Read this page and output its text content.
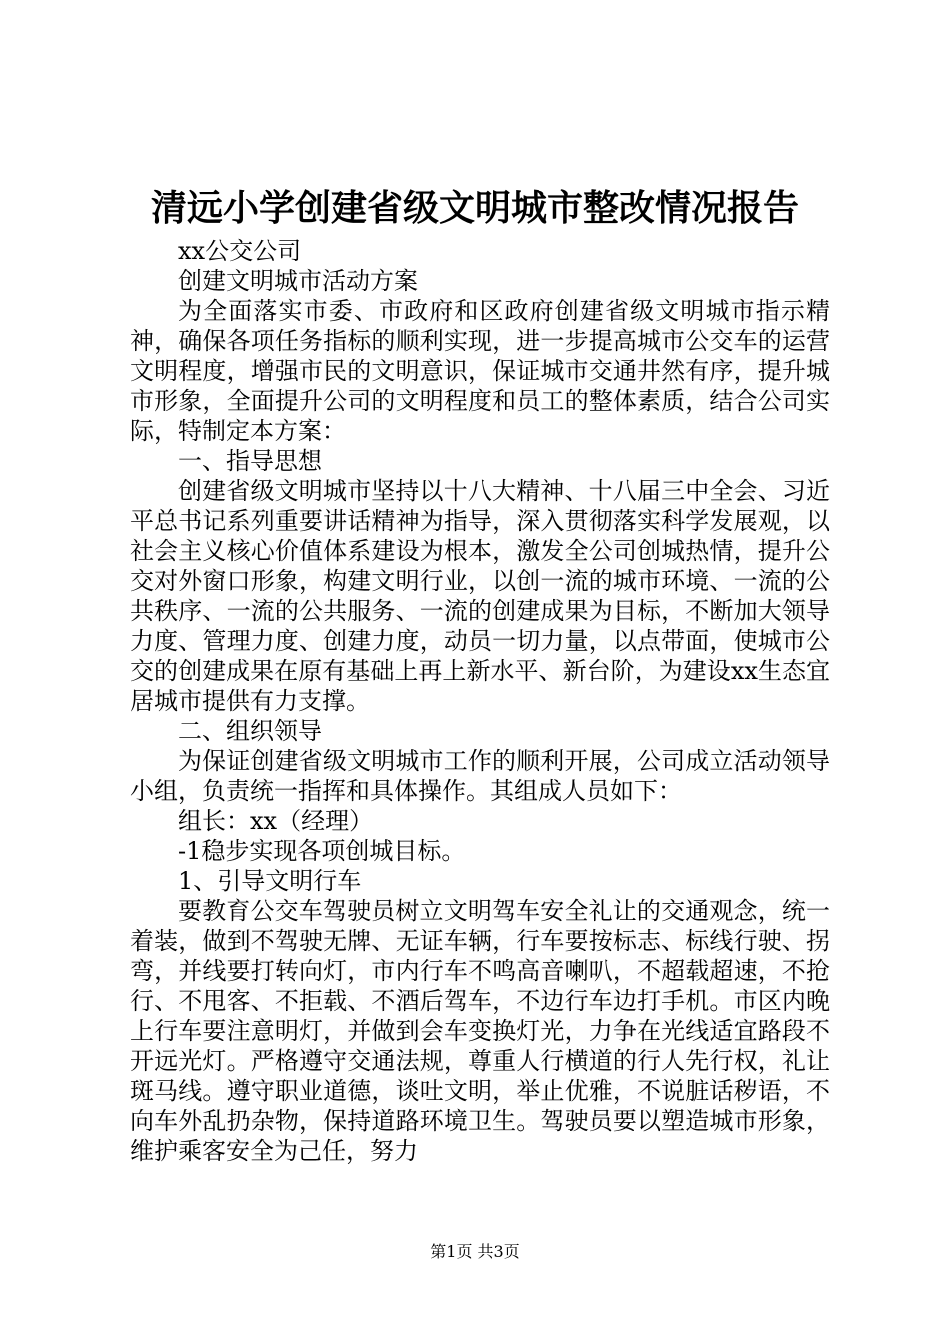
清远小学创建省级文明城市整改情况报告

xx公交公司

创建文明城市活动方案

为全面落实市委、市政府和区政府创建省级文明城市指示精神，确保各项任务指标的顺利实现，进一步提高城市公交车的运营文明程度，增强市民的文明意识，保证城市交通井然有序，提升城市形象，全面提升公司的文明程度和员工的整体素质，结合公司实际，特制定本方案：

一、指导思想

创建省级文明城市坚持以十八大精神、十八届三中全会、习近平总书记系列重要讲话精神为指导，深入贯彻落实科学发展观，以社会主义核心价值体系建设为根本，激发全公司创城热情，提升公交对外窗口形象，构建文明行业，以创一流的城市环境、一流的公共秩序、一流的公共服务、一流的创建成果为目标，不断加大领导力度、管理力度、创建力度，动员一切力量，以点带面，使城市公交的创建成果在原有基础上再上新水平、新台阶，为建设xx生态宜居城市提供有力支撑。

二、组织领导

为保证创建省级文明城市工作的顺利开展，公司成立活动领导小组，负责统一指挥和具体操作。其组成人员如下：

组长：xx（经理）

-1稳步实现各项创城目标。

1、引导文明行车

要教育公交车驾驶员树立文明驾车安全礼让的交通观念，统一着装，做到不驾驶无牌、无证车辆，行车要按标志、标线行驶、拐弯，并线要打转向灯，市内行车不鸣高音喇叭，不超载超速，不抢行、不甩客、不拒载、不酒后驾车，不边行车边打手机。市区内晚上行车要注意明灯，并做到会车变换灯光，力争在光线适宜路段不开远光灯。严格遵守交通法规，尊重人行横道的行人先行权，礼让斑马线。遵守职业道德，谈吐文明，举止优雅，不说脏话秽语，不向车外乱扔杂物，保持道路环境卫生。驾驶员要以塑造城市形象，维护乘客安全为己任，努力

第1页 共3页
